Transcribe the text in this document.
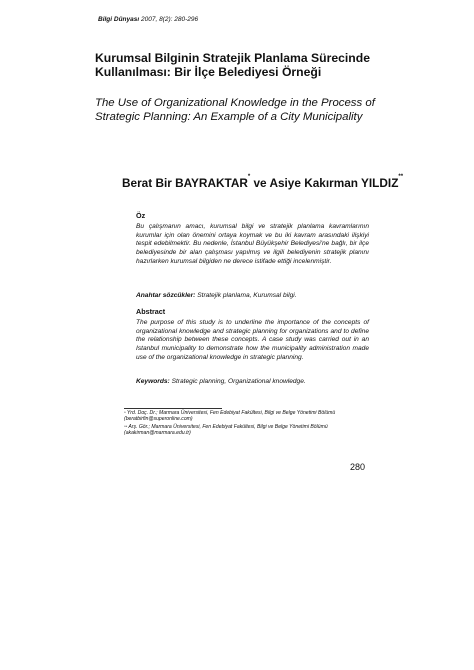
Bilgi Dünyası 2007, 8(2): 280-296
Kurumsal Bilginin Stratejik Planlama Sürecinde Kullanılması: Bir İlçe Belediyesi Örneği
The Use of Organizational Knowledge in the Process of Strategic Planning: An Example of a City Municipality
Berat Bir BAYRAKTAR* ve Asiye Kakırman YILDIZ**
Öz
Bu çalışmanın amacı, kurumsal bilgi ve stratejik planlama kavramlarının kurumlar için olan önemini ortaya koymak ve bu iki kavram arasındaki ilişkiyi tespit edebilmektir. Bu nedenle, İstanbul Büyükşehir Belediyesi'ne bağlı, bir ilçe belediyesinde bir alan çalışması yapılmış ve ilgili belediyenin stratejik planını hazırlarken kurumsal bilgiden ne derece istifade ettiği incelenmiştir.
Anahtar sözcükler: Stratejik planlama, Kurumsal bilgi.
Abstract
The purpose of this study is to underline the importance of the concepts of organizational knowledge and strategic planning for organizations and to define the relationship between these concepts. A case study was carried out in an Istanbul municipality to demonstrate how the municipality administration made use of the organizational knowledge in strategic planning.
Keywords: Strategic planning, Organizational knowledge.
* Yrd. Doç. Dr.; Marmara Üniversitesi, Fen Edebiyat Fakültesi, Bilgi ve Belge Yönetimi Bölümü (beratbirfin@superonline.com)
** Arş. Gör.; Marmara Üniversitesi, Fen Edebiyat Fakültesi, Bilgi ve Belge Yönetimi Bölümü (akakirman@marmara.edu.tr)
280
